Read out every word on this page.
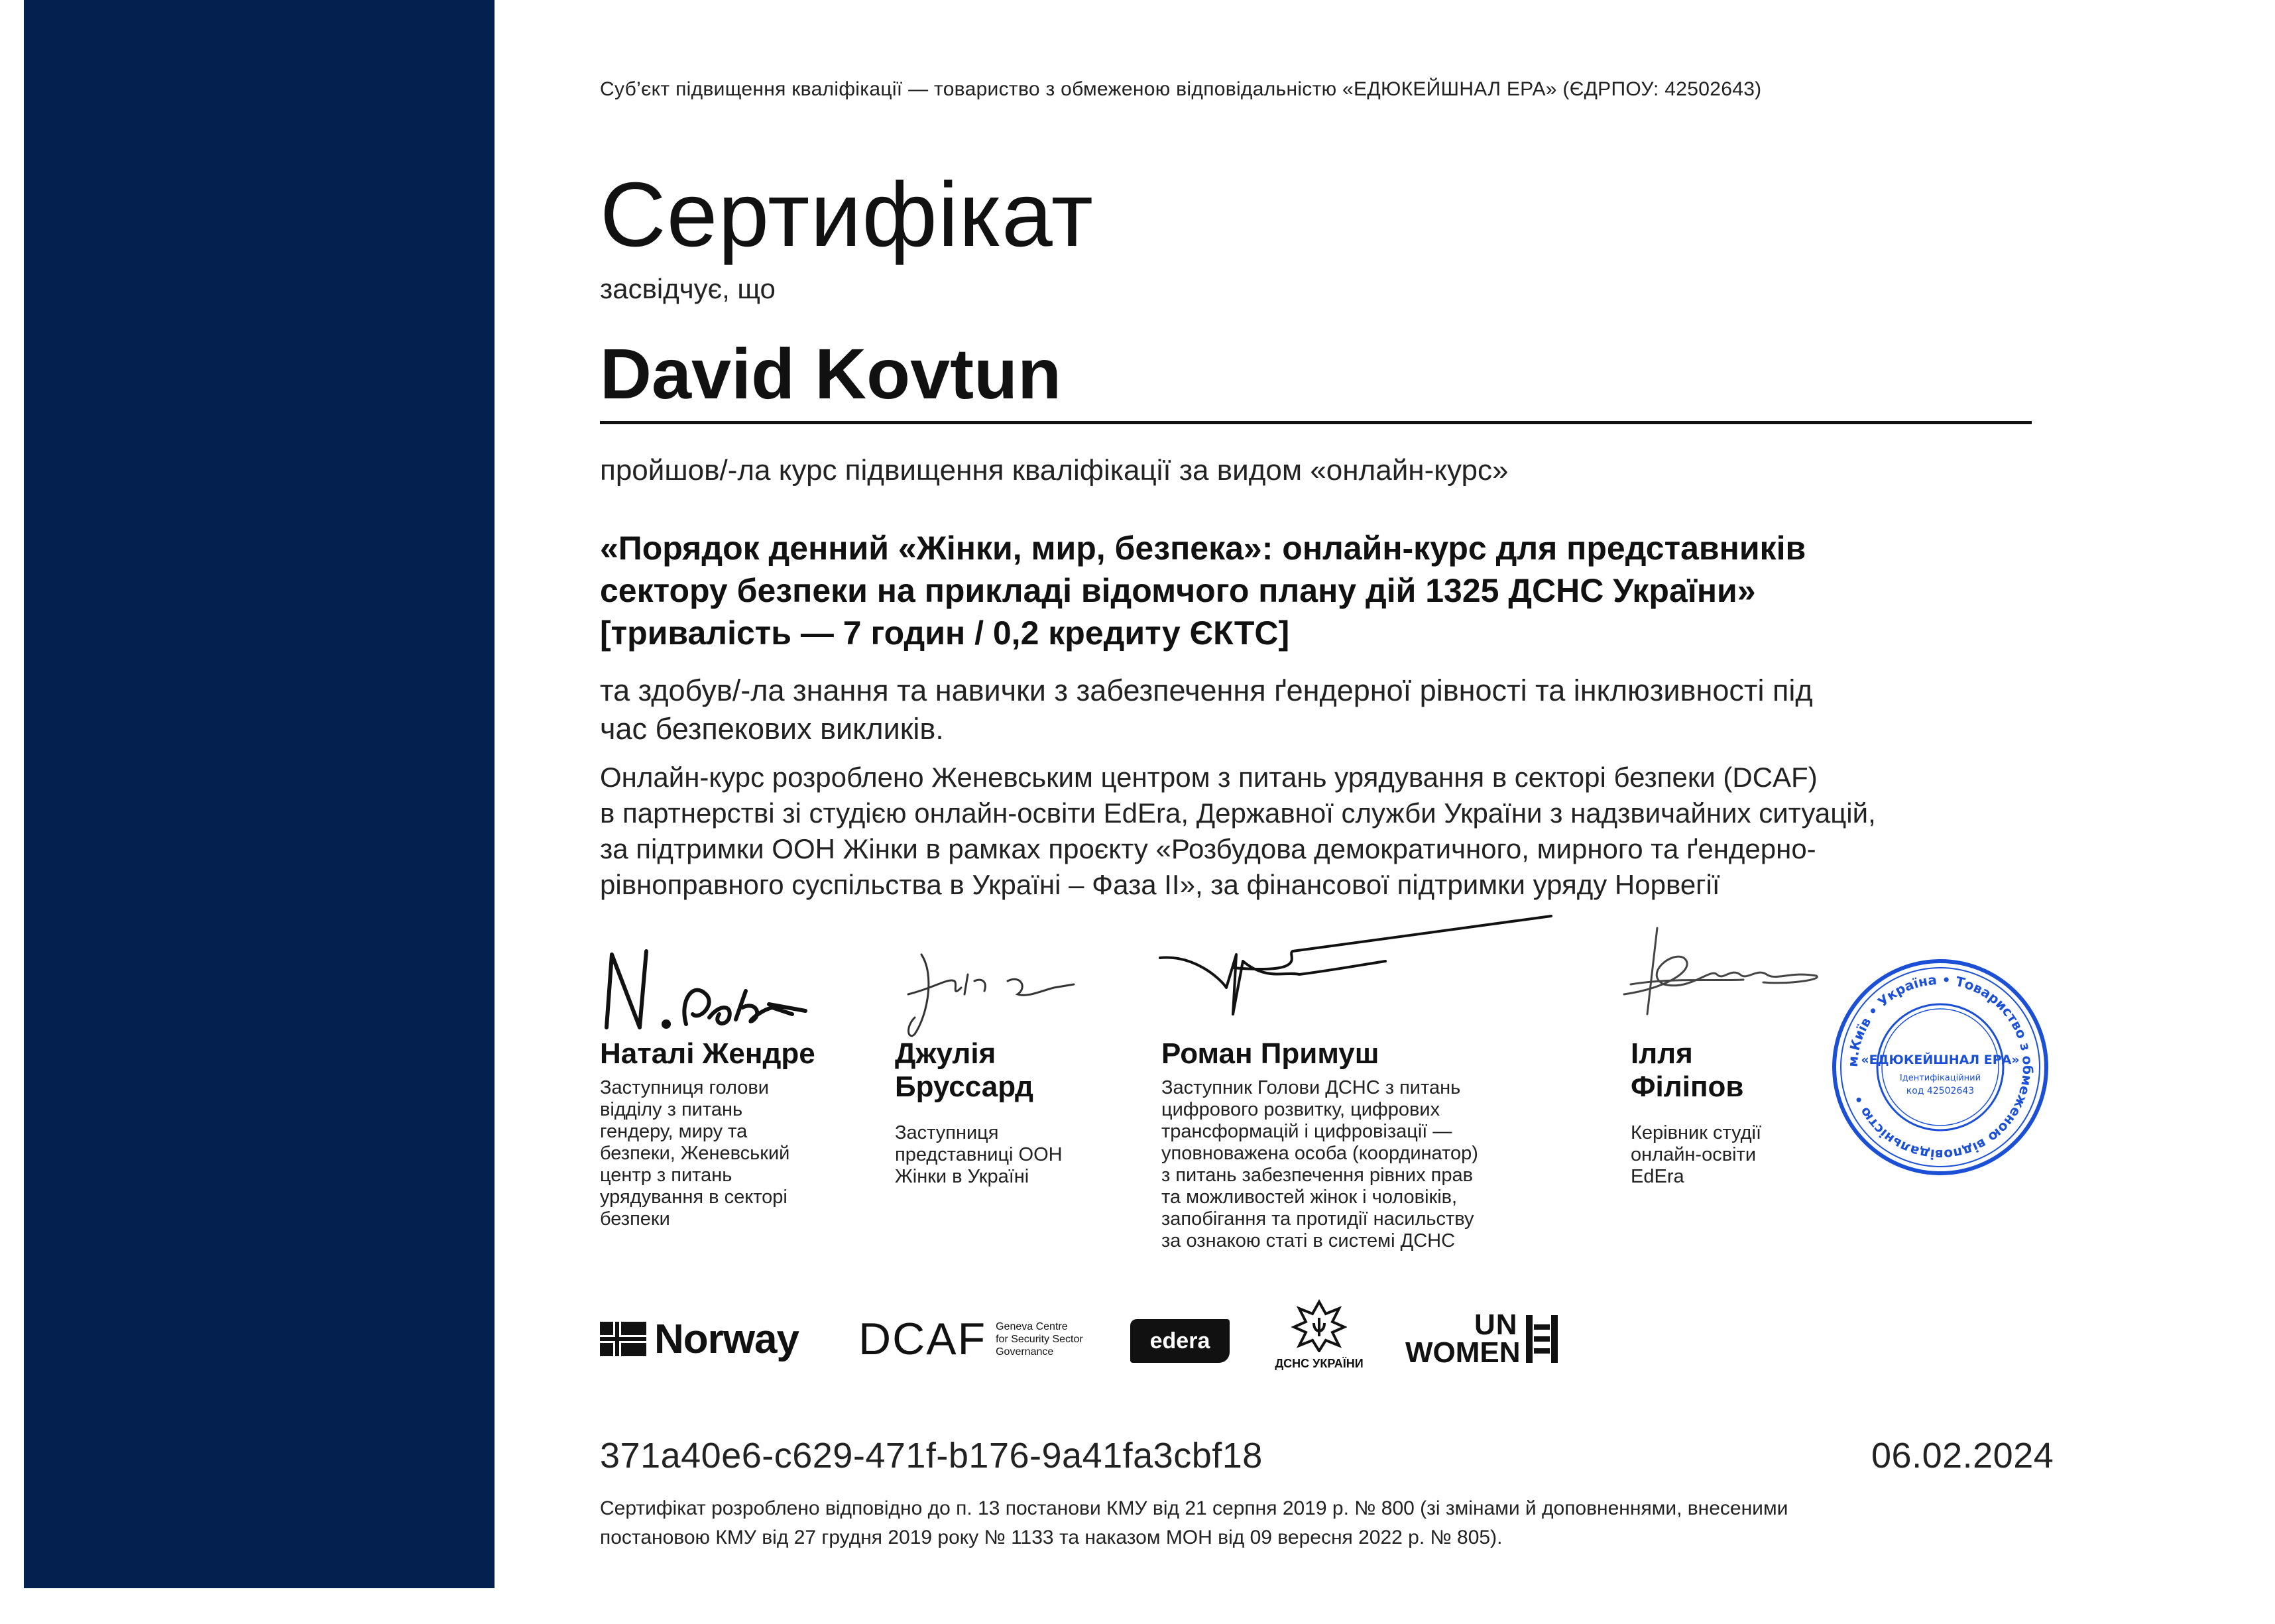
Суб’єкт підвищення кваліфікації — товариство з обмеженою відповідальністю «ЕДЮКЕЙШНАЛ ЕРА» (ЄДРПОУ: 42502643)
Сертифікат
засвідчує, що
David Kovtun
пройшов/-ла курс підвищення кваліфікації за видом «онлайн-курс»
«Порядок денний «Жінки, мир, безпека»: онлайн-курс для представників
сектору безпеки на прикладі відомчого плану дій 1325 ДСНС України»
[тривалість — 7 годин / 0,2 кредиту ЄКТС]
та здобув/-ла знання та навички з забезпечення ґендерної рівності та інклюзивності під
час безпекових викликів.
Онлайн-курс розроблено Женевським центром з питань урядування в секторі безпеки (DCAF)
в партнерстві зі студією онлайн-освіти EdEra, Державної служби України з надзвичайних ситуацій,
за підтримки ООН Жінки в рамках проєкту «Розбудова демократичного, мирного та ґендерно-
рівноправного суспільства в Україні – Фаза II», за фінансової підтримки уряду Норвегії
Наталі Жендре
Заступниця голови
відділу з питань
гендеру, миру та
безпеки, Женевський
центр з питань
урядування в секторі
безпеки
Джулія
Бруссард
Заступниця
представниці ООН
Жінки в Україні
Роман Примуш
Заступник Голови ДСНС з питань
цифрового розвитку, цифрових
трансформацій і цифровізації —
уповноважена особа (координатор)
з питань забезпечення рівних прав
та можливостей жінок і чоловіків,
запобігання та протидії насильству
за ознакою статі в системі ДСНС
Ілля
Філіпов
Керівник студії
онлайн-освіти
EdEra
м.Київ • Україна • Товариство з обмеженою відповідальністю •
«ЕДЮКЕЙШНАЛ ЕРА»
Ідентифікаційний
код 42502643
Norway DCAF Geneva Centre
for Security Sector
Governance	edera
ДСНС УКРАЇНИ
UN
WOMEN
371a40e6-c629-471f-b176-9a41fa3cbf18	06.02.2024
Сертифікат розроблено відповідно до п. 13 постанови КМУ від 21 серпня 2019 р. № 800 (зі змінами й доповненнями, внесеними
постановою КМУ від 27 грудня 2019 року № 1133 та наказом МОН від 09 вересня 2022 р. № 805).
